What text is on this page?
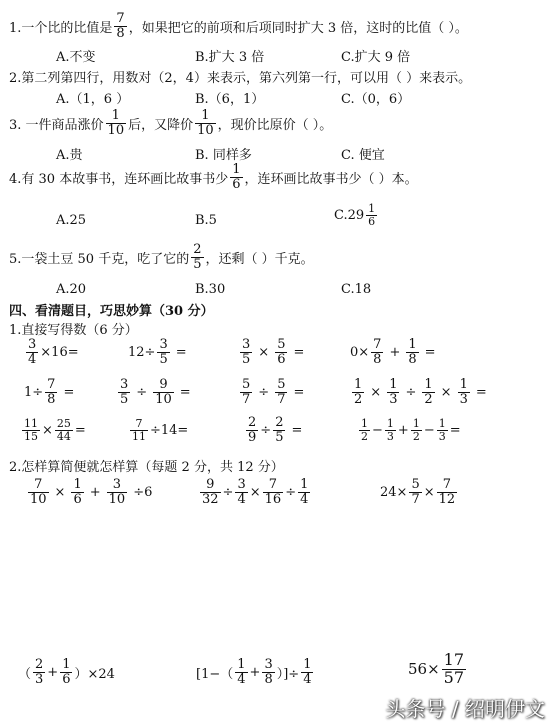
1.一个比的比值是 $\frac{7}{8}$ ，如果把它的前项和后项同时扩大 3 倍，这时的比值（ ）。
A.不变	B.扩大 3 倍	C.扩大 9 倍
2.第二列第四行，用数对（2，4）来表示，第六列第一行，可以用（ ）来表示。
A.（1，6 ）	B.（6，1）	C.（0，6）
3. 一件商品涨价 $\frac{1}{10}$ 后，又降价 $\frac{1}{10}$ ，现价比原价（ ）。
A.贵	B. 同样多	C. 便宜
4.有 30 本故事书，连环画比故事书少 $\frac{1}{6}$ ，连环画比故事书少（ ）本。
A.25	B.5	$C.29 \frac{1}{6}$
5.一袋土豆 50 千克，吃了它的 $\frac{2}{5}$ ，还剩（ ）千克。
A.20	B.30	C.18
四、看清题目，巧思妙算（30 分）
1.直接写得数（6 分）
$\frac{3}{4} \times 16=$	$12\div \frac{3}{5}$ =	$\frac{3}{5} \times \frac{5}{6}$ =	$0\times \frac{7}{8} + \frac{1}{8}$ =
$1\div \frac{7}{8}$ =	$\frac{3}{5} \div \frac{9}{10}$ =	$\frac{5}{7} \div \frac{5}{7}$ =	$\frac{1}{2} \times \frac{1}{3} \div \frac{1}{2} \times \frac{1}{3}$ =
$\frac{11}{15} \times \frac{25}{44}$ =	$\frac{7}{11} \div 14=$	$\frac{2}{9} \div \frac{2}{5}$ =	$\frac{1}{2} - \frac{1}{3} + \frac{1}{2} - \frac{1}{3}$ =
2.怎样算简便就怎样算（每题 2 分，共 12 分）
$\frac{7}{10} \times \frac{1}{6} + \frac{3}{10} \div 6$	$\frac{9}{32} \div \frac{3}{4} \times \frac{7}{16} \div \frac{1}{4}$	$24\times \frac{5}{7} \times \frac{7}{12}$
（ $\frac{2}{3} + \frac{1}{6} )\times 24$	[$1-( \frac{1}{4} + \frac{3}{8}$ ）]÷ $\frac{1}{4}$	$56\times \frac{17}{57}$
头条号 / 绍明伊文
